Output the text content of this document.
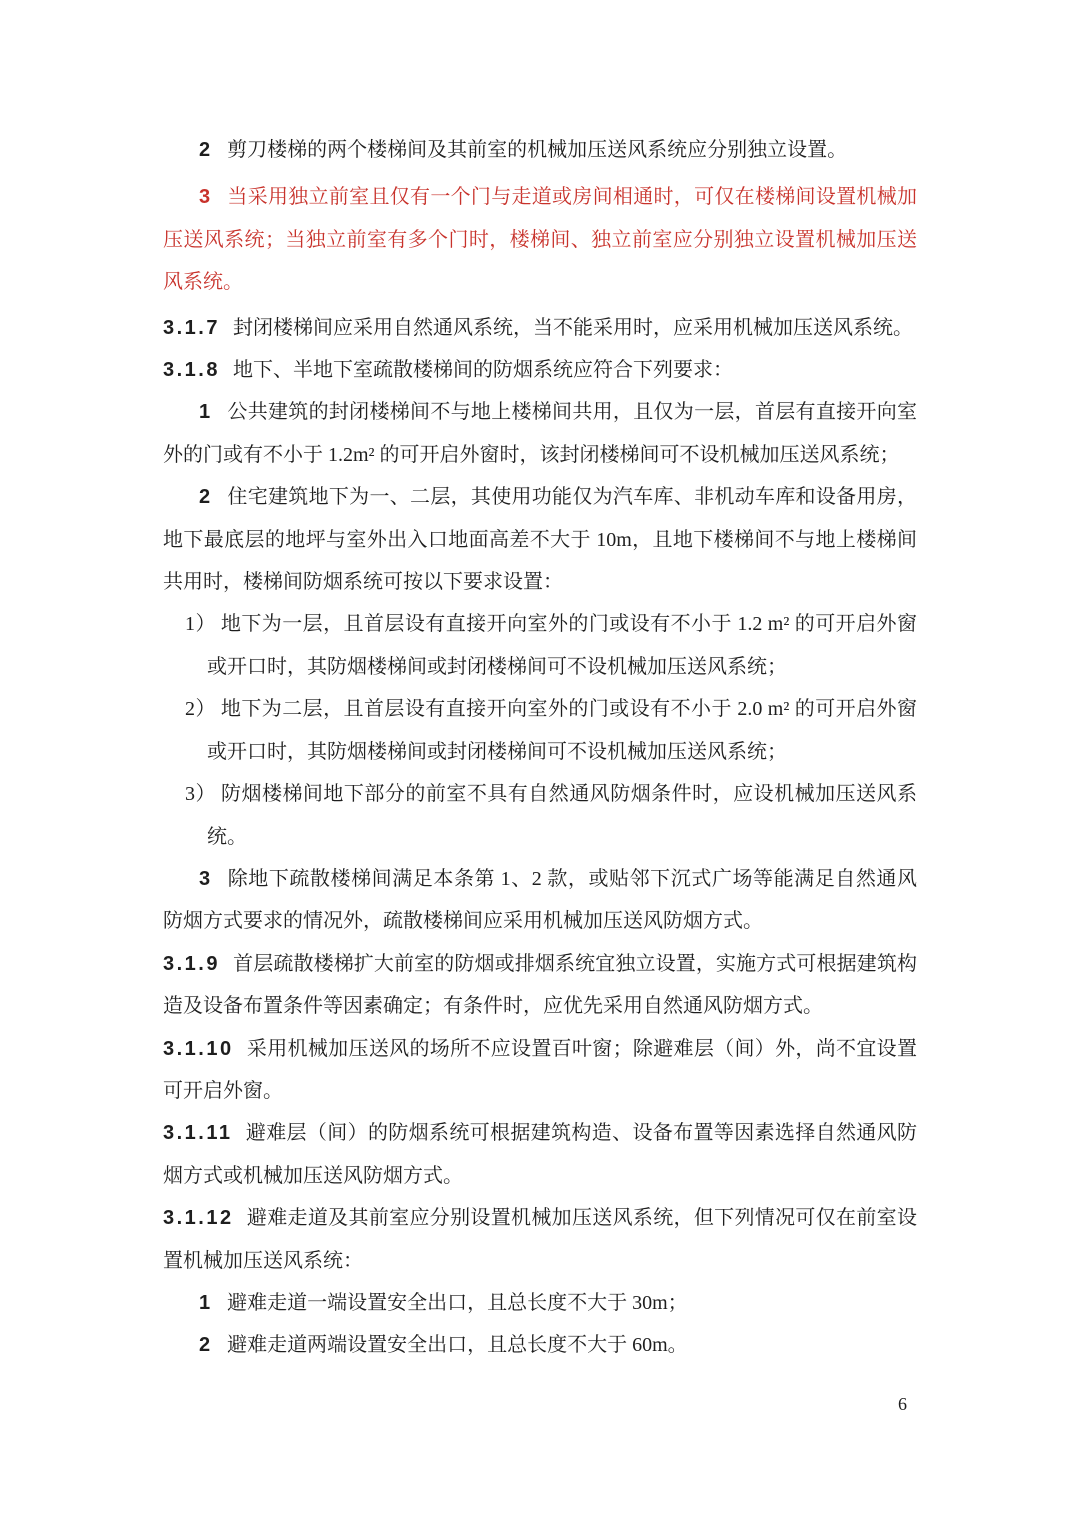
2 剪刀楼梯的两个楼梯间及其前室的机械加压送风系统应分别独立设置。

3 当采用独立前室且仅有一个门与走道或房间相通时，可仅在楼梯间设置机械加压送风系统；当独立前室有多个门时，楼梯间、独立前室应分别独立设置机械加压送风系统。

3.1.7 封闭楼梯间应采用自然通风系统，当不能采用时，应采用机械加压送风系统。

3.1.8 地下、半地下室疏散楼梯间的防烟系统应符合下列要求：

1 公共建筑的封闭楼梯间不与地上楼梯间共用，且仅为一层，首层有直接开向室外的门或有不小于 1.2m² 的可开启外窗时，该封闭楼梯间可不设机械加压送风系统；

2 住宅建筑地下为一、二层，其使用功能仅为汽车库、非机动车库和设备用房，地下最底层的地坪与室外出入口地面高差不大于 10m，且地下楼梯间不与地上楼梯间共用时，楼梯间防烟系统可按以下要求设置：

1） 地下为一层，且首层设有直接开向室外的门或设有不小于 1.2 m² 的可开启外窗或开口时，其防烟楼梯间或封闭楼梯间可不设机械加压送风系统；

2） 地下为二层，且首层设有直接开向室外的门或设有不小于 2.0 m² 的可开启外窗或开口时，其防烟楼梯间或封闭楼梯间可不设机械加压送风系统；

3） 防烟楼梯间地下部分的前室不具有自然通风防烟条件时，应设机械加压送风系统。

3 除地下疏散楼梯间满足本条第 1、2 款，或贴邻下沉式广场等能满足自然通风防烟方式要求的情况外，疏散楼梯间应采用机械加压送风防烟方式。

3.1.9 首层疏散楼梯扩大前室的防烟或排烟系统宜独立设置，实施方式可根据建筑构造及设备布置条件等因素确定；有条件时，应优先采用自然通风防烟方式。

3.1.10 采用机械加压送风的场所不应设置百叶窗；除避难层（间）外，尚不宜设置可开启外窗。

3.1.11 避难层（间）的防烟系统可根据建筑构造、设备布置等因素选择自然通风防烟方式或机械加压送风防烟方式。

3.1.12 避难走道及其前室应分别设置机械加压送风系统，但下列情况可仅在前室设置机械加压送风系统：

1 避难走道一端设置安全出口，且总长度不大于 30m；

2 避难走道两端设置安全出口，且总长度不大于 60m。

6
